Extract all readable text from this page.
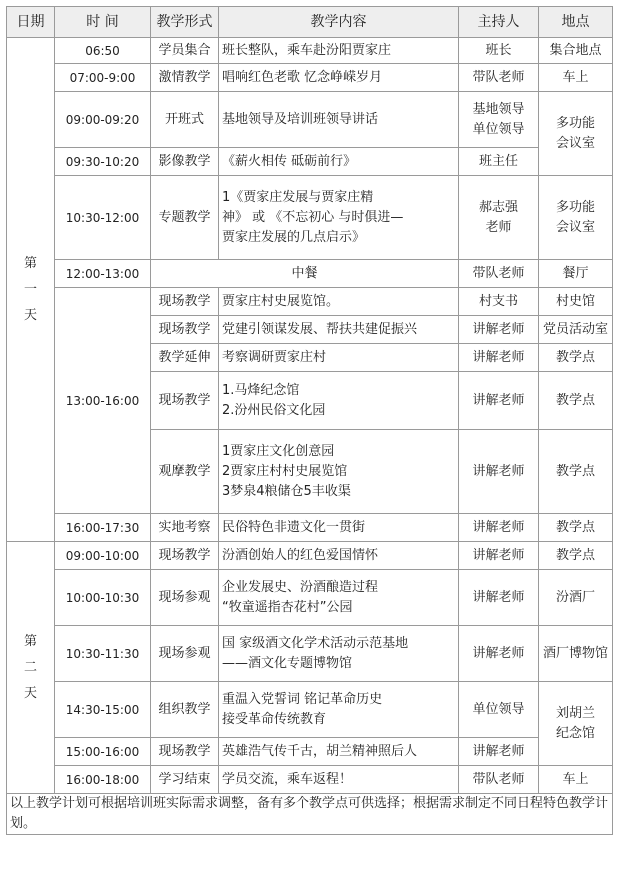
日期	时 间	教学形式	教学内容	主持人	地点

第
一
天	06:50	学员集合	班长整队，乘车赴汾阳贾家庄	班长	集合地点
	07:00-9:00	激情教学	唱响红色老歌 忆念峥嵘岁月	带队老师	车上
	09:00-09:20	开班式	基地领导及培训班领导讲话	基地领导
单位领导	多功能
会议室

	09:30-10:20	影像教学	《薪火相传 砥砺前行》	班主任	
	10:30-12:00	专题教学	1《贾家庄发展与贾家庄精
神》 或 《不忘初心 与时俱进—
贾家庄发展的几点启示》	郝志强
老师	多功能
会议室

	12:00-13:00	中餐		带队老师	餐厅
	13:00-16:00	现场教学	贾家庄村史展览馆。	村支书	村史馆
		现场教学	党建引领谋发展、帮扶共建促振兴	讲解老师	党员活动室
		教学延伸	考察调研贾家庄村	讲解老师	教学点
		现场教学	1.马烽纪念馆
2.汾州民俗文化园	讲解老师	教学点
		观摩教学	1贾家庄文化创意园
2贾家庄村村史展览馆
3梦泉4粮储仓5丰收渠	讲解老师	教学点
	16:00-17:30	实地考察	民俗特色非遗文化一贯街	讲解老师	教学点

第
二
天	09:00-10:00	现场教学	汾酒创始人的红色爱国情怀	讲解老师	教学点
	10:00-10:30	现场参观	企业发展史、汾酒酿造过程
“牧童遥指杏花村”公园	讲解老师	汾酒厂
	10:30-11:30	现场参观	国 家级酒文化学术活动示范基地
——酒文化专题博物馆	讲解老师	酒厂博物馆
	14:30-15:00	组织教学	重温入党誓词 铭记革命历史
接受革命传统教育	单位领导	刘胡兰
纪念馆

	15:00-16:00	现场教学	英雄浩气传千古，胡兰精神照后人	讲解老师	
	16:00-18:00	学习结束	学员交流，乘车返程！	带队老师	车上
以上教学计划可根据培训班实际需求调整，备有多个教学点可供选择；根据需求制定不同日程特色教学计划。					
